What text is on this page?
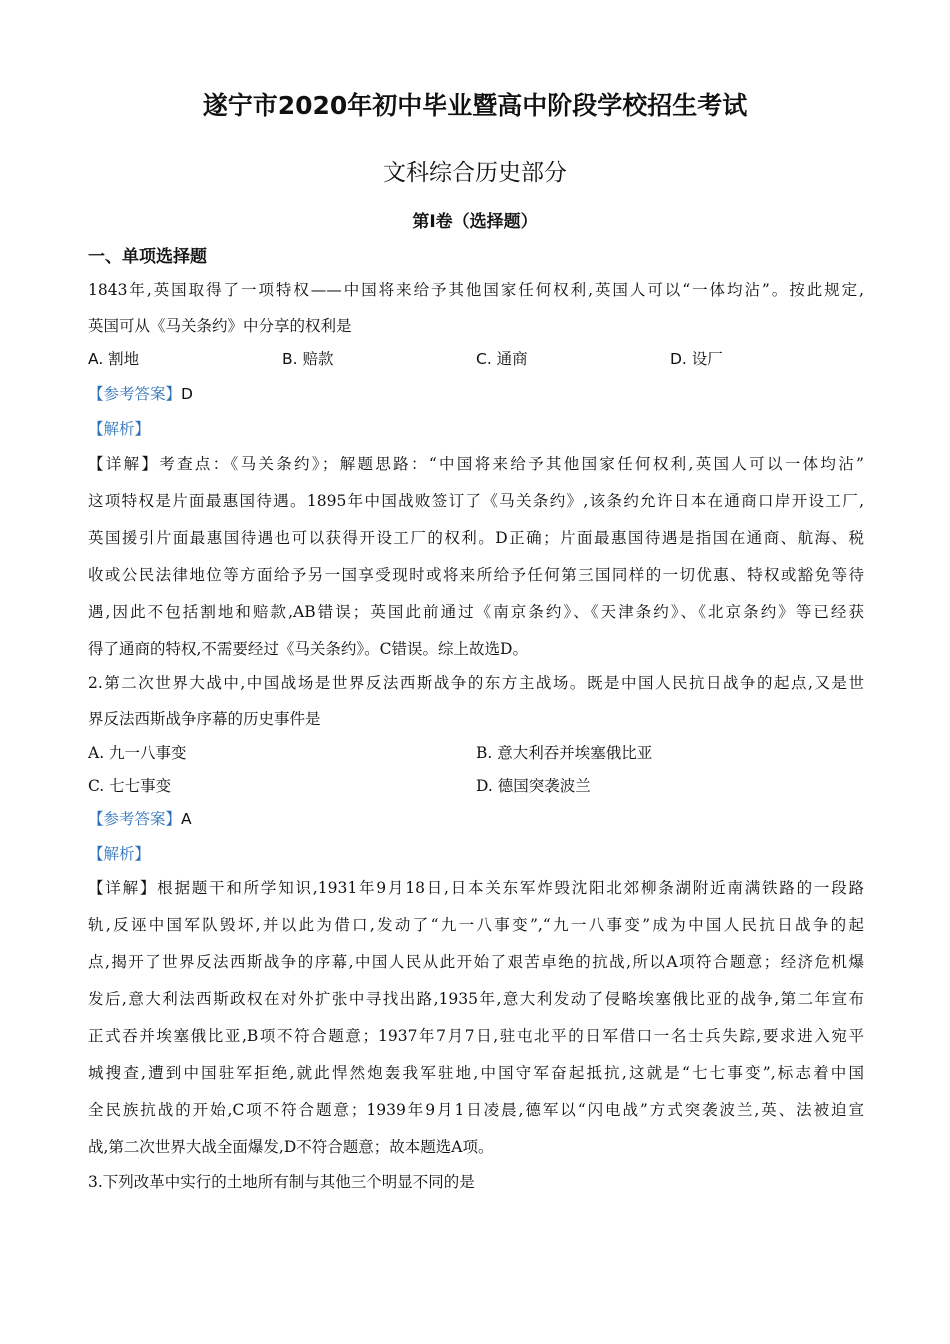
遂宁市2020年初中毕业暨高中阶段学校招生考试
文科综合历史部分
第Ⅰ卷（选择题）
一、单项选择题
1843年,英国取得了一项特权——中国将来给予其他国家任何权利,英国人可以“一体均沾”。按此规定,
英国可从《马关条约》中分享的权利是
A. 割地	B. 赔款	C. 通商	D. 设厂
【参考答案】D
【解析】
【详解】考查点：《马关条约》；解题思路：“中国将来给予其他国家任何权利,英国人可以一体均沾”
这项特权是片面最惠国待遇。1895年中国战败签订了《马关条约》,该条约允许日本在通商口岸开设工厂,
英国援引片面最惠国待遇也可以获得开设工厂的权利。D正确；片面最惠国待遇是指国在通商、航海、税
收或公民法律地位等方面给予另一国享受现时或将来所给予任何第三国同样的一切优惠、特权或豁免等待
遇,因此不包括割地和赔款,AB错误；英国此前通过《南京条约》、《天津条约》、《北京条约》等已经获
得了通商的特权,不需要经过《马关条约》。C错误。综上故选D。
2.第二次世界大战中,中国战场是世界反法西斯战争的东方主战场。既是中国人民抗日战争的起点,又是世
界反法西斯战争序幕的历史事件是
A. 九一八事变	B. 意大利吞并埃塞俄比亚
C. 七七事变	D. 德国突袭波兰
【参考答案】A
【解析】
【详解】根据题干和所学知识,1931年9月18日,日本关东军炸毁沈阳北郊柳条湖附近南满铁路的一段路
轨,反诬中国军队毁坏,并以此为借口,发动了“九一八事变”,“九一八事变”成为中国人民抗日战争的起
点,揭开了世界反法西斯战争的序幕,中国人民从此开始了艰苦卓绝的抗战,所以A项符合题意；经济危机爆
发后,意大利法西斯政权在对外扩张中寻找出路,1935年,意大利发动了侵略埃塞俄比亚的战争,第二年宣布
正式吞并埃塞俄比亚,B项不符合题意；1937年7月7日,驻屯北平的日军借口一名士兵失踪,要求进入宛平
城搜查,遭到中国驻军拒绝,就此悍然炮轰我军驻地,中国守军奋起抵抗,这就是“七七事变”,标志着中国
全民族抗战的开始,C项不符合题意；1939年9月1日凌晨,德军以“闪电战”方式突袭波兰,英、法被迫宣
战,第二次世界大战全面爆发,D不符合题意；故本题选A项。
3.下列改革中实行的土地所有制与其他三个明显不同的是
